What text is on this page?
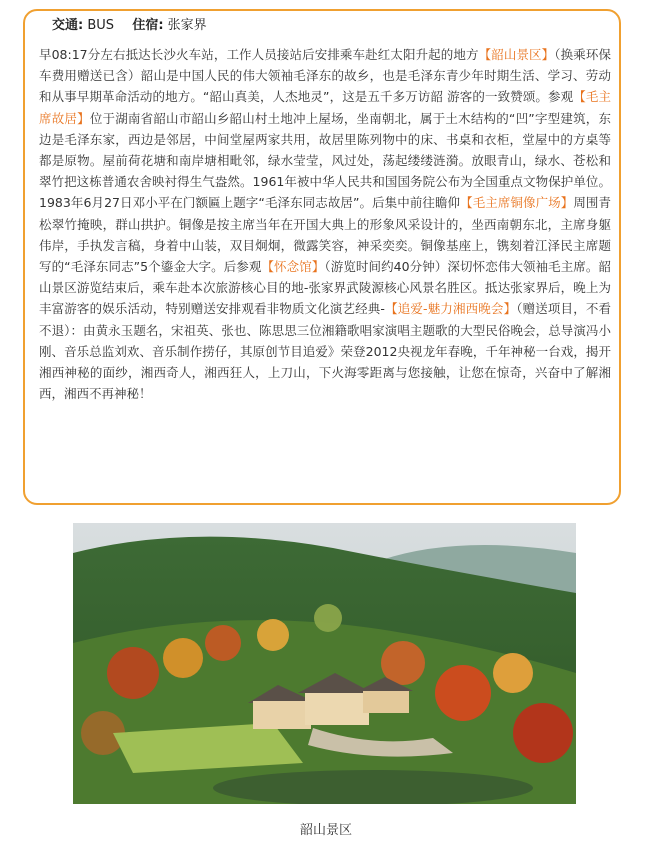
交通: BUS 住宿: 张家界
早08:17分左右抵达长沙火车站，工作人员接站后安排乘车赴红太阳升起的地方【韶山景区】（换乘环保车费用赠送已含）韶山是中国人民的伟大领袖毛泽东的故乡，也是毛泽东青少年时期生活、学习、劳动和从事早期革命活动的地方。“韶山真美，人杰地灵”，这是五千多万访韶 游客的一致赞颂。参观【毛主席故居】位于湖南省韶山市韶山乡韶山村土地冲上屋场，坐南朝北，属于土木结构的“凹”字型建筑，东边是毛泽东家，西边是邻居，中间堂屋两家共用，故居里陈列物中的床、书桌和衣柜，堂屋中的方桌等都是原物。屋前荷花塘和南岸塘相毗邻，绿水莹莹，风过处，荡起缕缕涟漪。放眼青山，绿水、苍松和翠竹把这栋普通农舍映衬得生气盎然。1961年被中华人民共和国国务院公布为全国重点文物保护单位。1983年6月27日邓小平在门额匾上题字“毛泽东同志故居”。后集中前往瞻仰【毛主席铜像广场】周围青松翠竹掩映，群山拱护。铜像是按主席当年在开国大典上的形象风采设计的，坐西南朝东北，主席身躯伟岸，手执发言稿，身着中山装，双目炯炯，微露笑容，神采奕奕。铜像基座上，镌刻着江泽民主席题写的“毛泽东同志”5个鎏金大字。后参观【怀念馆】（游览时间约40分钟）深切怀恋伟大领袖毛主席。韶山景区游览结束后，乘车赴本次旅游核心目的地-张家界武陵源核心风景名胜区。抵达张家界后，晚上为丰富游客的娱乐活动，特别赠送安排观看非物质文化演艺经典-【追爱-魅力湘西晚会】（赠送项目，不看不退）：由黄永玉题名，宋祖英、张也、陈思思三位湘籍歌唱家演唱主题歌的大型民俗晚会，总导演冯小刚、音乐总监刘欢、音乐制作捞仔，其原创节目追爱》荣登2012央视龙年春晚，千年神秘一台戏，揭开湘西神秘的面纱，湘西奇人，湘西狂人，上刀山，下火海零距离与您接触，让您在惊奇，兴奋中了解湘西，湘西不再神秘！
韶山景区
